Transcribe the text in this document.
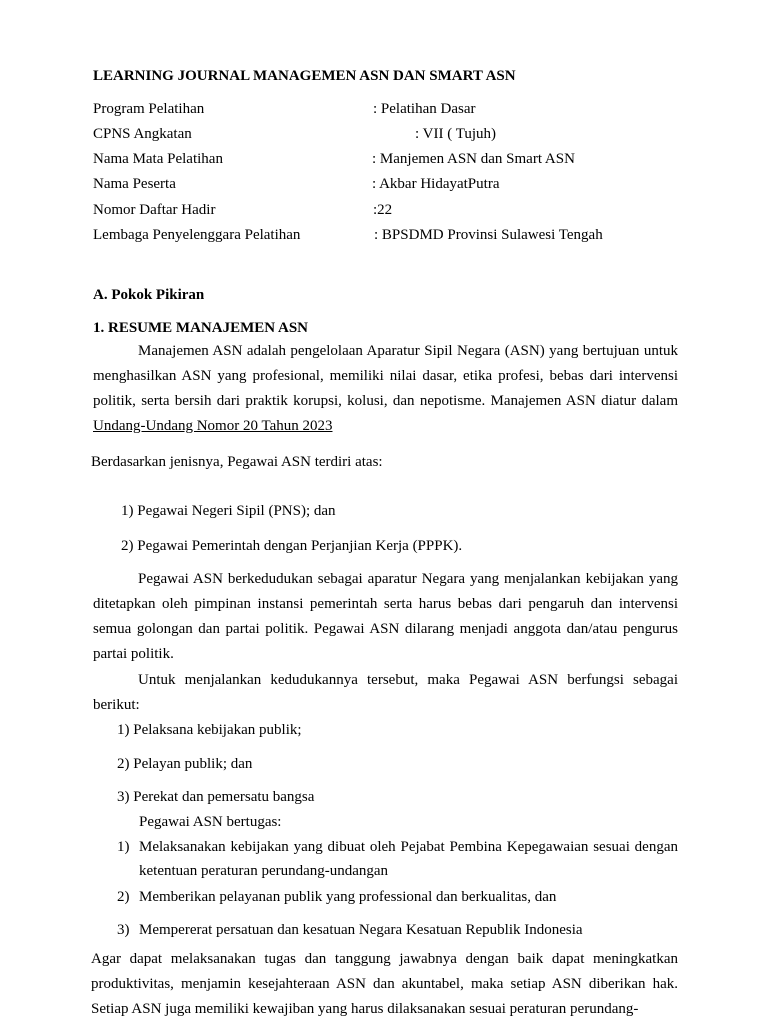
LEARNING JOURNAL MANAGEMEN ASN DAN SMART ASN
Program Pelatihan	: Pelatihan Dasar
CPNS Angkatan	: VII ( Tujuh)
Nama Mata Pelatihan	: Manjemen ASN dan Smart ASN
Nama Peserta	: Akbar HidayatPutra
Nomor Daftar Hadir	:22
Lembaga Penyelenggara Pelatihan	: BPSDMD Provinsi Sulawesi Tengah
A. Pokok Pikiran
1. RESUME MANAJEMEN ASN
Manajemen ASN adalah pengelolaan Aparatur Sipil Negara (ASN) yang bertujuan untuk menghasilkan ASN yang profesional, memiliki nilai dasar, etika profesi, bebas dari intervensi politik, serta bersih dari praktik korupsi, kolusi, dan nepotisme. Manajemen ASN diatur dalam Undang-Undang Nomor 20 Tahun 2023
Berdasarkan jenisnya, Pegawai ASN terdiri atas:
1) Pegawai Negeri Sipil (PNS); dan
2) Pegawai Pemerintah dengan Perjanjian Kerja (PPPK).
Pegawai ASN berkedudukan sebagai aparatur Negara yang menjalankan kebijakan yang ditetapkan oleh pimpinan instansi pemerintah serta harus bebas dari pengaruh dan intervensi semua golongan dan partai politik. Pegawai ASN dilarang menjadi anggota dan/atau pengurus partai politik.
Untuk menjalankan kedudukannya tersebut, maka Pegawai ASN berfungsi sebagai berikut:
1) Pelaksana kebijakan publik;
2) Pelayan publik; dan
3) Perekat dan pemersatu bangsa
Pegawai ASN bertugas:
1) Melaksanakan kebijakan yang dibuat oleh Pejabat Pembina Kepegawaian sesuai dengan ketentuan peraturan perundang-undangan
2) Memberikan pelayanan publik yang professional dan berkualitas, dan
3) Mempererat persatuan dan kesatuan Negara Kesatuan Republik Indonesia
Agar dapat melaksanakan tugas dan tanggung jawabnya dengan baik dapat meningkatkan produktivitas, menjamin kesejahteraan ASN dan akuntabel, maka setiap ASN diberikan hak. Setiap ASN juga memiliki kewajiban yang harus dilaksanakan sesuai peraturan perundang-
